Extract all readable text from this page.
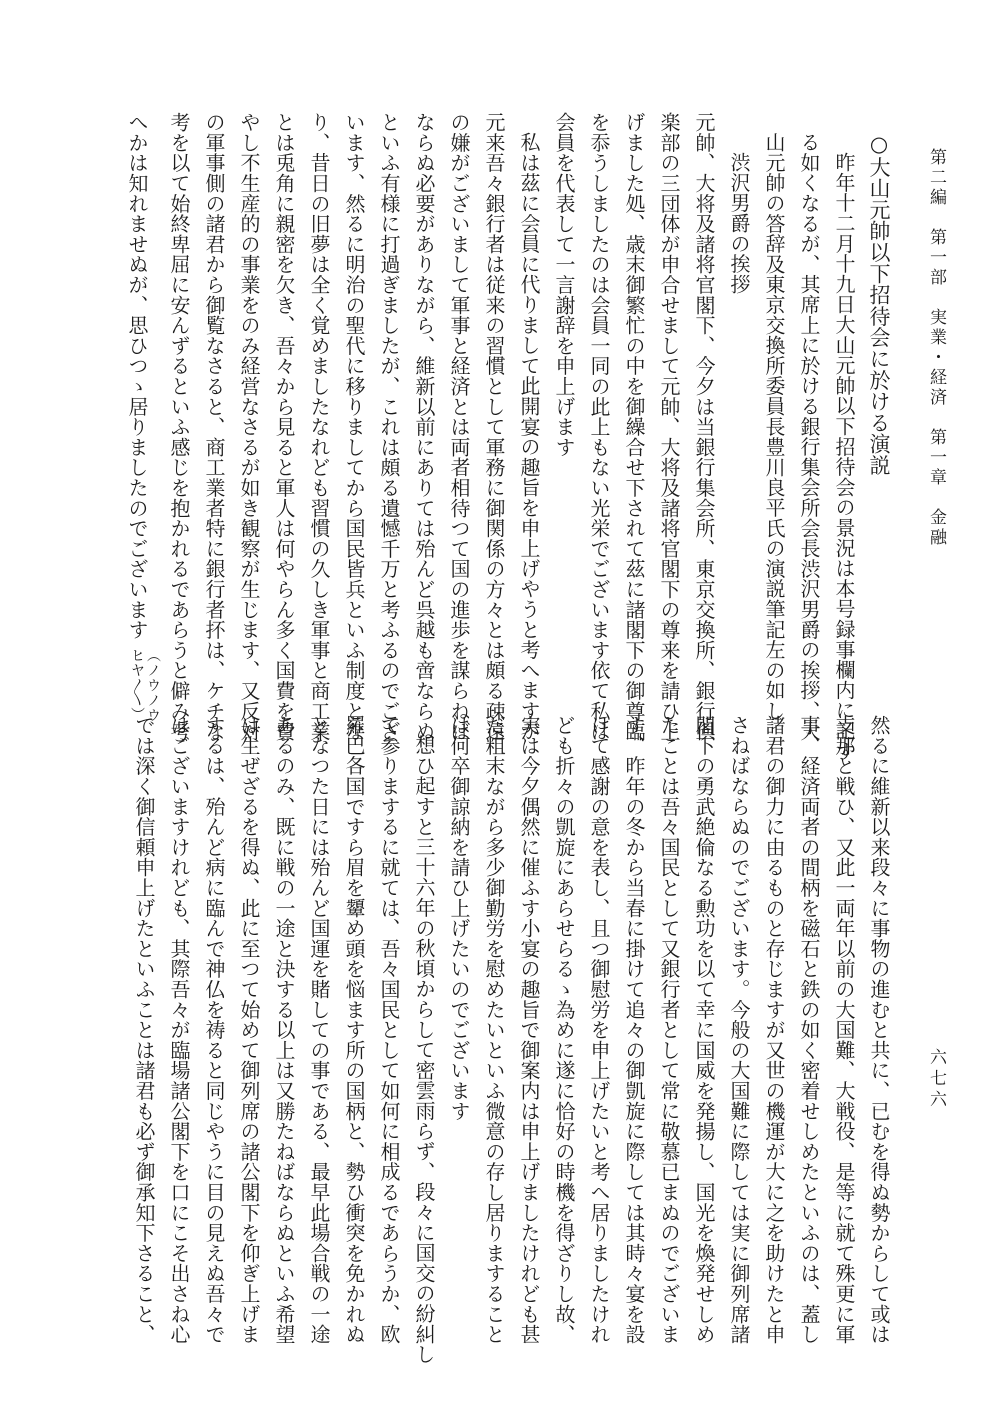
第二編　第一部　実業・経済　第一章　金融
六七六
○大山元帥以下招待会に於ける演説
昨年十二月十九日大山元帥以下招待会の景況は本号録事欄内に記す
る如くなるが、其席上に於ける銀行集会所会長渋沢男爵の挨拶、大
山元帥の答辞及東京交換所委員長豊川良平氏の演説筆記左の如し
渋沢男爵の挨拶
元帥、大将及諸将官閣下、今夕は当銀行集会所、東京交換所、銀行倶
楽部の三団体が申合せまして元帥、大将及諸将官閣下の尊来を請ひ上
げました処、歳末御繁忙の中を御繰合せ下されて茲に諸閣下の御尊臨
を忝うしましたのは会員一同の此上もない光栄でございます依て私は
会員を代表して一言謝辞を申上げます
私は茲に会員に代りまして此開宴の趣旨を申上げやうと考へますが
元来吾々銀行者は従来の習慣として軍務に御関係の方々とは頗る疎遠
の嫌がございまして軍事と経済とは両者相待つて国の進歩を謀らねば
ならぬ必要がありながら、維新以前にありては殆んど呉越も啻ならぬ
といふ有様に打過ぎましたが、これは頗る遺憾千万と考ふるのでござ
います、然るに明治の聖代に移りましてから国民皆兵といふ制度とな
り、昔日の旧夢は全く覚めましたなれども習慣の久しき軍事と商工業
とは兎角に親密を欠き、吾々から見ると軍人は何やらん多く国費を費
やし不生産的の事業をのみ経営なさるが如き観察が生じます、又反対
の軍事側の諸君から御覧なさると、商工業者特に銀行者抔は、ケチな
考を以て始終卑屈に安んずるといふ感じを抱かれるであらうと僻み考
へかは知れませぬが、思ひつゝ居りましたのでございます（ノウノウ
ヒヤ〳〵）
然るに維新以来段々に事物の進むと共に、已むを得ぬ勢からして或は
支那と戦ひ、又此一両年以前の大国難、大戦役、是等に就て殊更に軍
事、経済両者の間柄を磁石と鉄の如く密着せしめたといふのは、蓋し
諸君の御力に由るものと存じますが又世の機運が大に之を助けたと申
さねばならぬのでございます。今般の大国難に際しては実に御列席諸
閣下の勇武絶倫なる勲功を以て幸に国威を発揚し、国光を煥発せしめ
たことは吾々国民として又銀行者として常に敬慕已まぬのでございま
す、昨年の冬から当春に掛けて追々の御凱旋に際しては其時々宴を設
けて感謝の意を表し、且つ御慰労を申上げたいと考へ居りましたけれ
ども折々の凱旋にあらせらるゝ為めに遂に恰好の時機を得ざりし故、
実は今夕偶然に催ふす小宴の趣旨で御案内は申上げましたけれども甚
だ粗末ながら多少御勤労を慰めたいといふ微意の存し居りますること
は何卒御諒納を請ひ上げたいのでございます
想ひ起すと三十六年の秋頃からして密雲雨らず、段々に国交の紛糾し
て参りまするに就ては、吾々国民として如何に相成るであらうか、欧
羅巴各国ですら眉を顰め頭を悩ます所の国柄と、勢ひ衝突を免かれぬ
となつた日には殆んど国運を賭しての事である、最早此場合戦の一途
あるのみ、既に戦の一途と決する以上は又勝たねばならぬといふ希望
は生ぜざるを得ぬ、此に至つて始めて御列席の諸公閣下を仰ぎ上げま
するは、殆んど病に臨んで神仏を祷ると同じやうに目の見えぬ吾々で
はございますけれども、其際吾々が臨場諸公閣下を口にこそ出さね心
では深く御信頼申上げたといふことは諸君も必ず御承知下さること、
